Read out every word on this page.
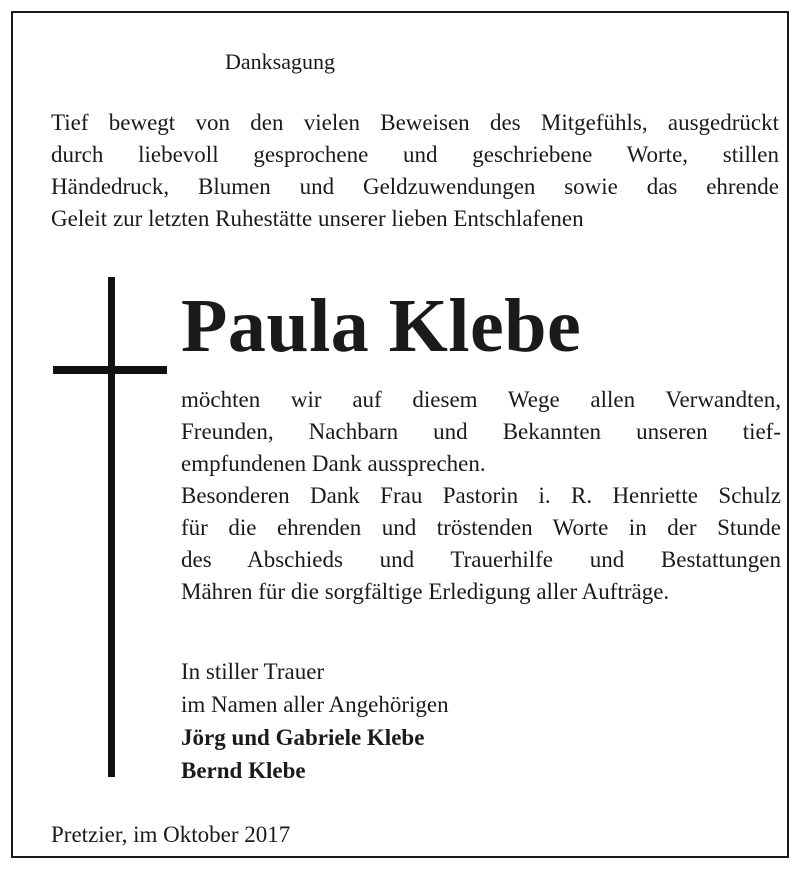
Danksagung
Tief bewegt von den vielen Beweisen des Mitgefühls, ausgedrückt
durch liebevoll gesprochene und geschriebene Worte, stillen
Händedruck, Blumen und Geldzuwendungen sowie das ehrende
Geleit zur letzten Ruhestätte unserer lieben Entschlafenen
Paula Klebe
möchten wir auf diesem Wege allen Verwandten,
Freunden, Nachbarn und Bekannten unseren tief-
empfundenen Dank aussprechen.
Besonderen Dank Frau Pastorin i. R. Henriette Schulz
für die ehrenden und tröstenden Worte in der Stunde
des Abschieds und Trauerhilfe und Bestattungen
Mähren für die sorgfältige Erledigung aller Aufträge.
In stiller Trauer
im Namen aller Angehörigen
Jörg und Gabriele Klebe
Bernd Klebe
Pretzier, im Oktober 2017
